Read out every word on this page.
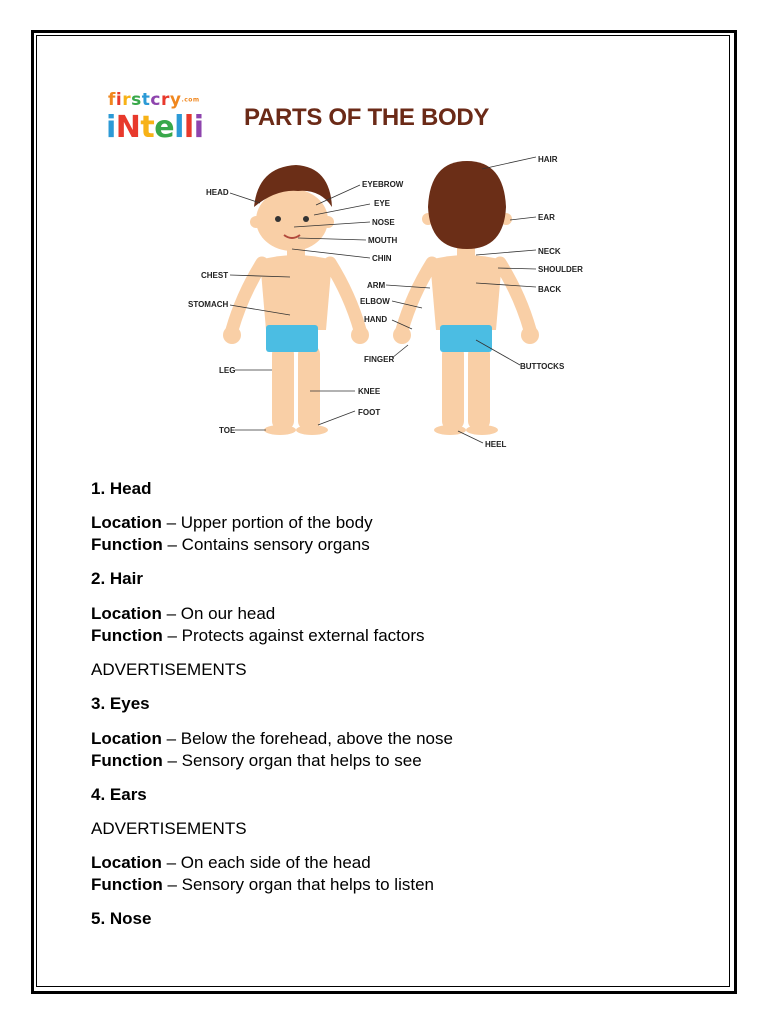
firstcry.com
iNtelli PARTS OF THE BODY
HEAD
EYEBROW
EYE
NOSE
MOUTH
CHIN
CHEST
STOMACH
LEG
KNEE
FOOT
TOE
HAIR
EAR
NECK
SHOULDER
BACK
ARM
ELBOW
HAND
FINGER
BUTTOCKS
HEEL

1. Head

Location – Upper portion of the body

Function – Contains sensory organs

2. Hair

Location – On our head

Function – Protects against external factors

ADVERTISEMENTS

3. Eyes

Location – Below the forehead, above the nose

Function – Sensory organ that helps to see

4. Ears

ADVERTISEMENTS

Location – On each side of the head

Function – Sensory organ that helps to listen

5. Nose
